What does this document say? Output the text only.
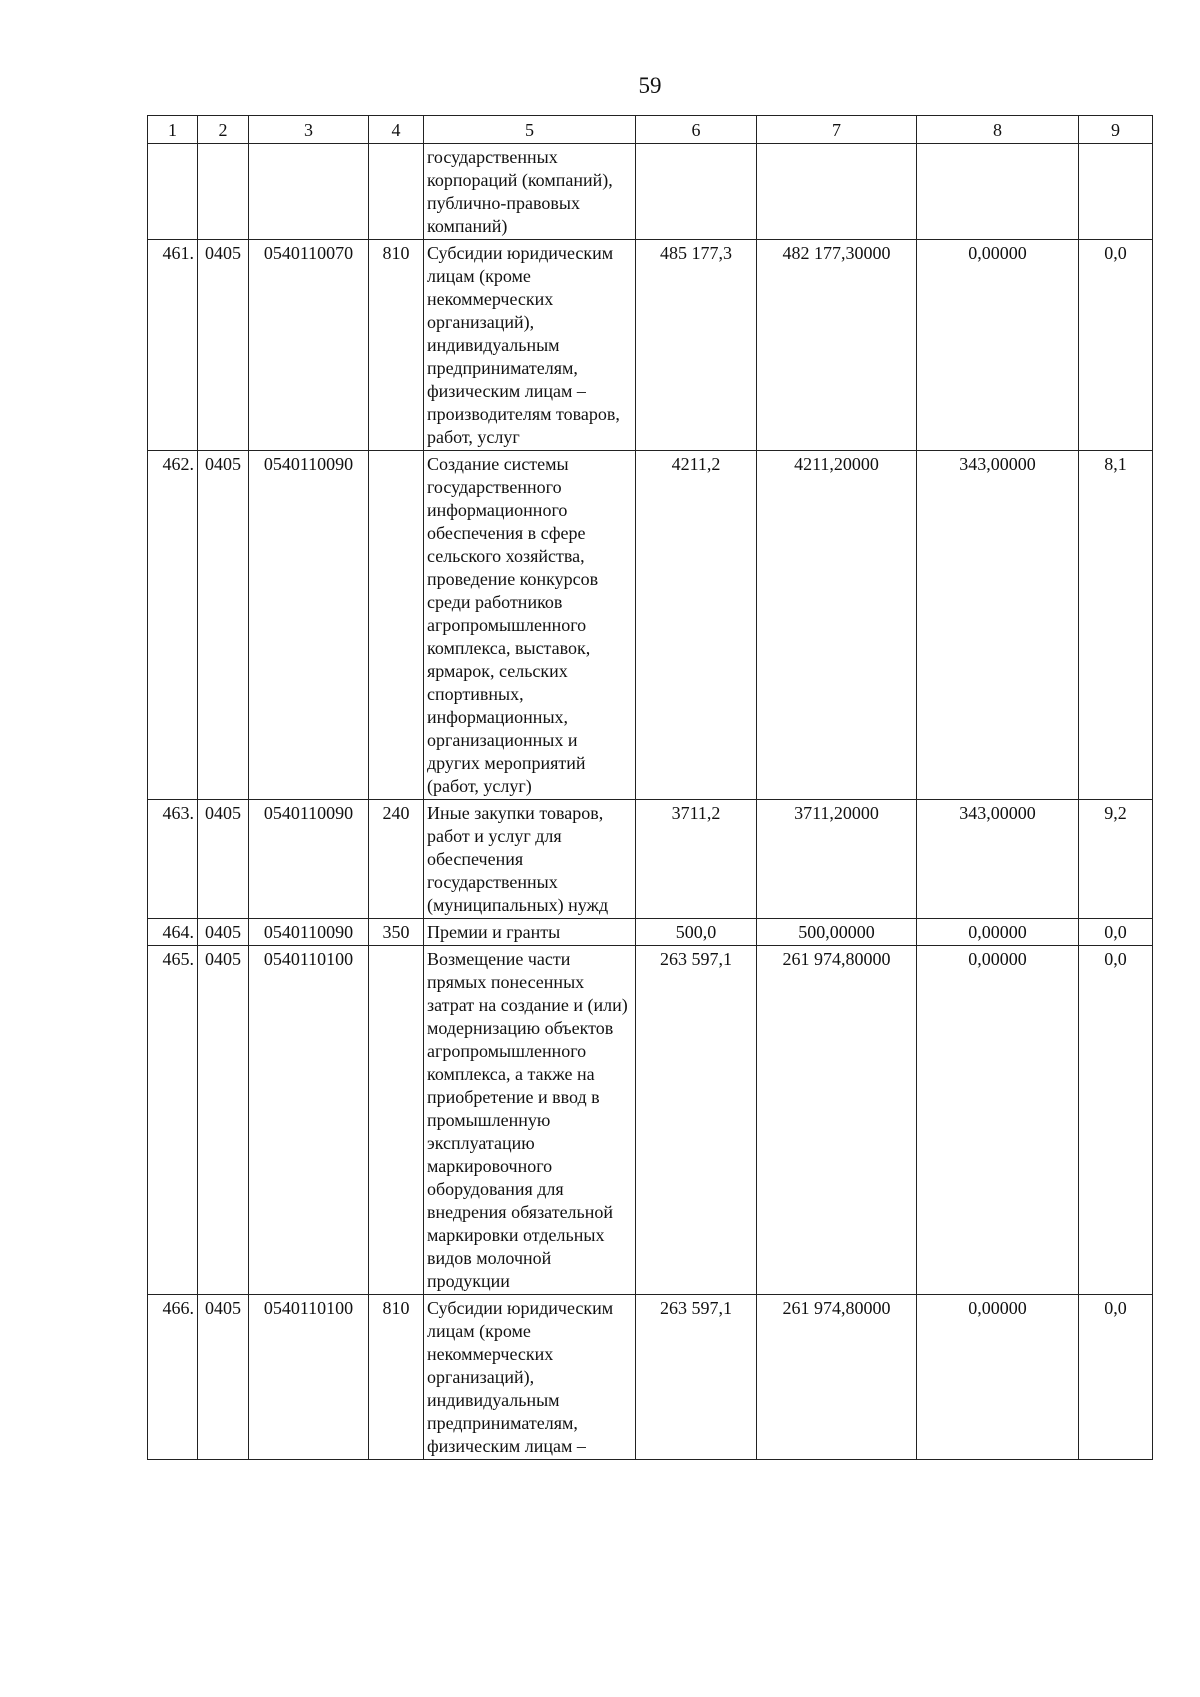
59
1	2	3	4	5	6	7	8	9
				государственных корпораций (компаний), публично-правовых компаний)				
461.	0405	0540110070	810	Субсидии юридическим лицам (кроме некоммерческих организаций), индивидуальным предпринимателям, физическим лицам – производителям товаров, работ, услуг	485 177,3	482 177,30000	0,00000	0,0
462.	0405	0540110090		Создание системы государственного информационного обеспечения в сфере сельского хозяйства, проведение конкурсов среди работников агропромышленного комплекса, выставок, ярмарок, сельских спортивных, информационных, организационных и других мероприятий (работ, услуг)	4211,2	4211,20000	343,00000	8,1
463.	0405	0540110090	240	Иные закупки товаров, работ и услуг для обеспечения государственных (муниципальных) нужд	3711,2	3711,20000	343,00000	9,2
464.	0405	0540110090	350	Премии и гранты	500,0	500,00000	0,00000	0,0
465.	0405	0540110100		Возмещение части прямых понесенных затрат на создание и (или) модернизацию объектов агропромышленного комплекса, а также на приобретение и ввод в промышленную эксплуатацию маркировочного оборудования для внедрения обязательной маркировки отдельных видов молочной продукции	263 597,1	261 974,80000	0,00000	0,0
466.	0405	0540110100	810	Субсидии юридическим лицам (кроме некоммерческих организаций), индивидуальным предпринимателям, физическим лицам –	263 597,1	261 974,80000	0,00000	0,0
